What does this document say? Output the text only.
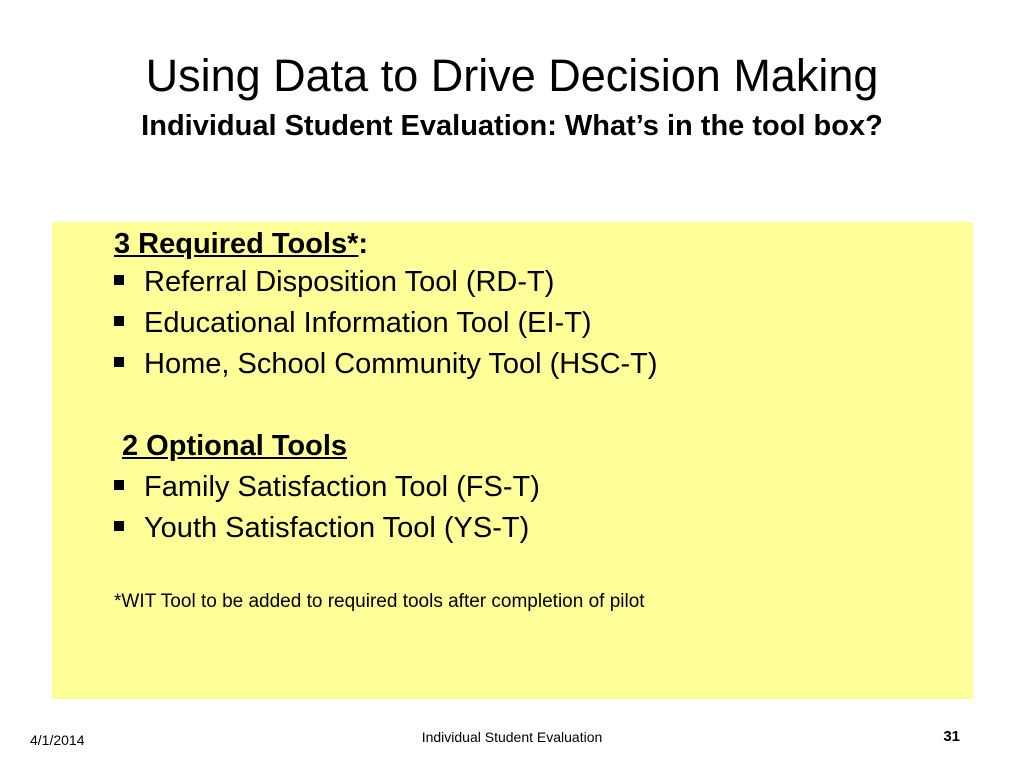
Using Data to Drive Decision Making
Individual Student Evaluation: What’s in the tool box?
3 Required Tools*:
Referral Disposition Tool (RD-T)
Educational Information Tool (EI-T)
Home, School Community Tool (HSC-T)
2 Optional Tools
Family Satisfaction Tool (FS-T)
Youth Satisfaction Tool (YS-T)
*WIT Tool to be added to required tools after completion of pilot
4/1/2014	Individual Student Evaluation	31
